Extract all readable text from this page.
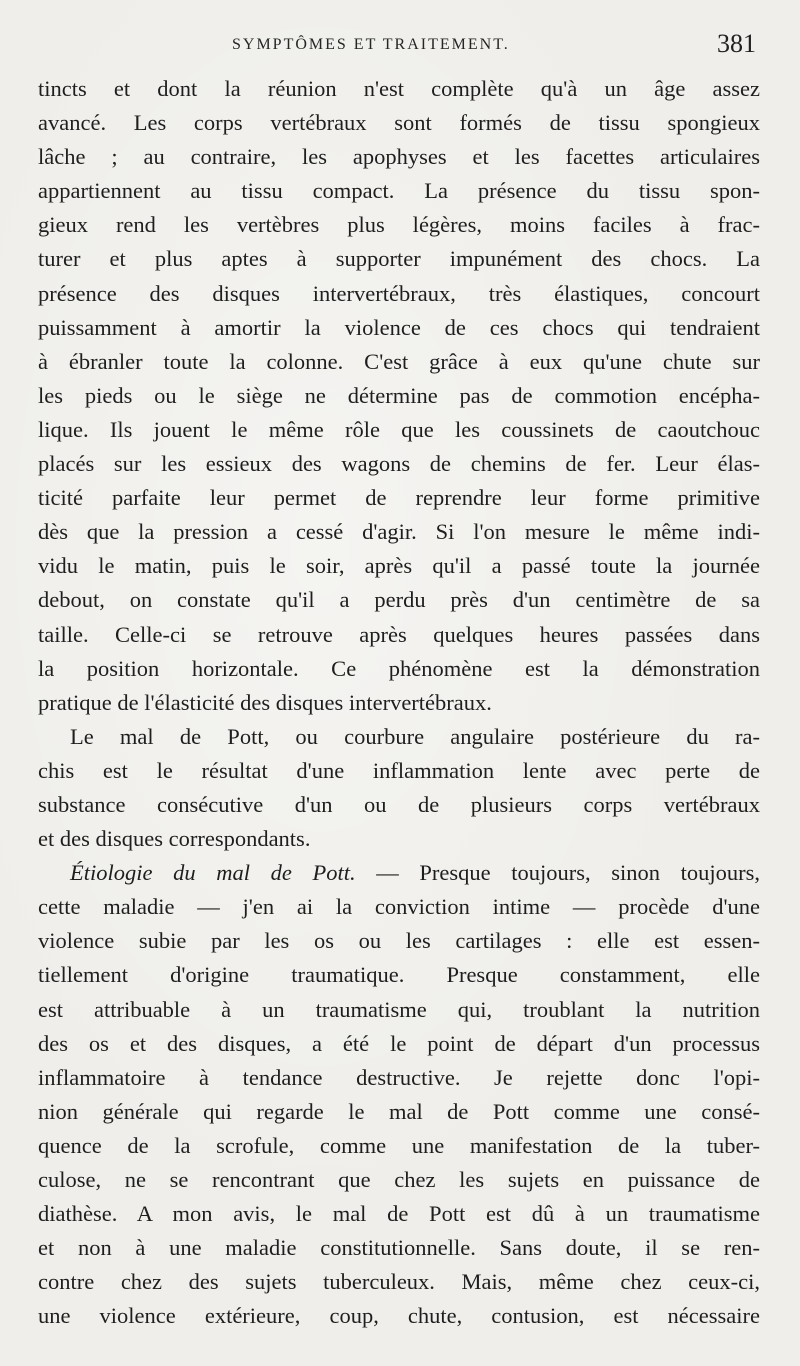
SYMPTÔMES ET TRAITEMENT.	381
tincts et dont la réunion n'est complète qu'à un âge assez
avancé. Les corps vertébraux sont formés de tissu spongieux
lâche ; au contraire, les apophyses et les facettes articulaires
appartiennent au tissu compact. La présence du tissu spon-
gieux rend les vertèbres plus légères, moins faciles à frac-
turer et plus aptes à supporter impunément des chocs. La
présence des disques intervertébraux, très élastiques, concourt
puissamment à amortir la violence de ces chocs qui tendraient
à ébranler toute la colonne. C'est grâce à eux qu'une chute sur
les pieds ou le siège ne détermine pas de commotion encéphа-
lique. Ils jouent le même rôle que les coussinets de caoutchouc
placés sur les essieux des wagons de chemins de fer. Leur élas-
ticité parfaite leur permet de reprendre leur forme primitive
dès que la pression a cessé d'agir. Si l'on mesure le même indi-
vidu le matin, puis le soir, après qu'il a passé toute la journée
debout, on constate qu'il a perdu près d'un centimètre de sa
taille. Celle-ci se retrouve après quelques heures passées dans
la position horizontale. Ce phénomène est la démonstration
pratique de l'élasticité des disques intervertébraux.
Le mal de Pott, ou courbure angulaire postérieure du ra-
chis est le résultat d'une inflammation lente avec perte de
substance consécutive d'un ou de plusieurs corps vertébraux
et des disques correspondants.
Étiologie du mal de Pott. — Presque toujours, sinon toujours,
cette maladie — j'en ai la conviction intime — procède d'une
violence subie par les os ou les cartilages : elle est essen-
tiellement d'origine traumatique. Presque constamment, elle
est attribuable à un traumatisme qui, troublant la nutrition
des os et des disques, a été le point de départ d'un processus
inflammatoire à tendance destructive. Je rejette donc l'opi-
nion générale qui regarde le mal de Pott comme une consé-
quence de la scrofule, comme une manifestation de la tuber-
culose, ne se rencontrant que chez les sujets en puissance de
diathèse. A mon avis, le mal de Pott est dû à un traumatisme
et non à une maladie constitutionnelle. Sans doute, il se ren-
contre chez des sujets tuberculeux. Mais, même chez ceux-ci,
une violence extérieure, coup, chute, contusion, est nécessaire
